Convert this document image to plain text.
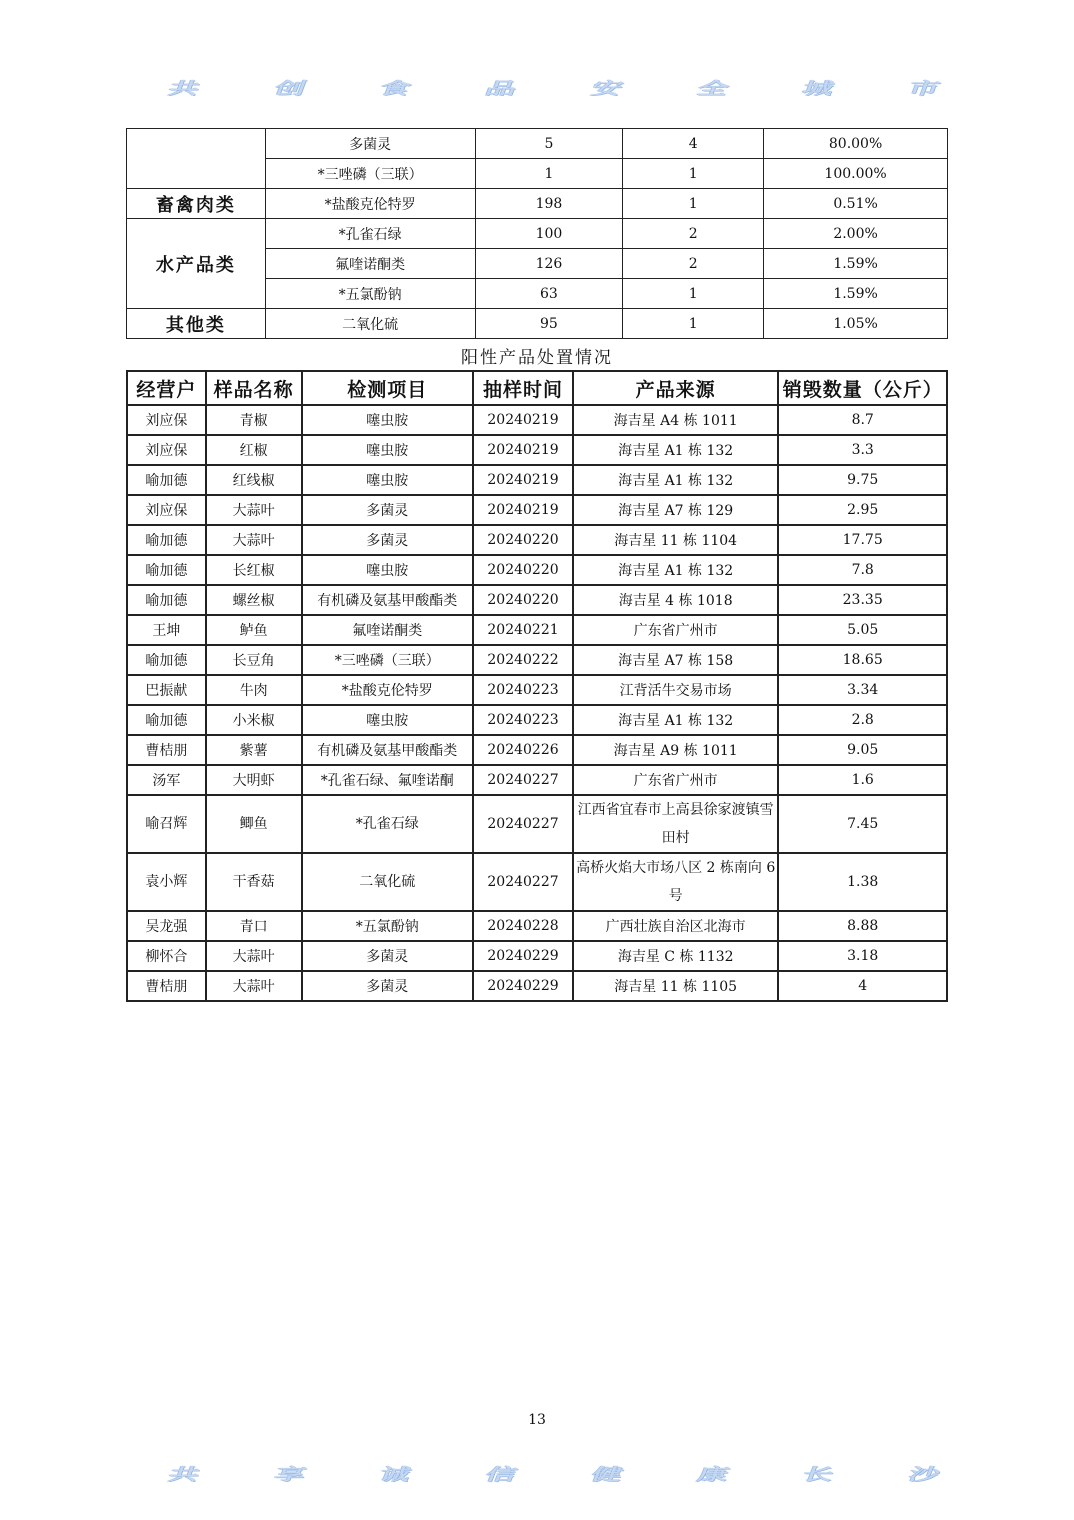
共 创 食 品 安 全 城 市
	多菌灵	5	4	80.00%
	*三唑磷（三联）	1	1	100.00%
畜禽肉类	*盐酸克伦特罗	198	1	0.51%
水产品类	*孔雀石绿	100	2	2.00%
	氟喹诺酮类	126	2	1.59%
	*五氯酚钠	63	1	1.59%
其他类	二氧化硫	95	1	1.05%
阳性产品处置情况
经营户	样品名称	检测项目	抽样时间	产品来源	销毁数量（公斤）
刘应保	青椒	噻虫胺	20240219	海吉星 A4 栋 1011	8.7
刘应保	红椒	噻虫胺	20240219	海吉星 A1 栋 132	3.3
喻加德	红线椒	噻虫胺	20240219	海吉星 A1 栋 132	9.75
刘应保	大蒜叶	多菌灵	20240219	海吉星 A7 栋 129	2.95
喻加德	大蒜叶	多菌灵	20240220	海吉星 11 栋 1104	17.75
喻加德	长红椒	噻虫胺	20240220	海吉星 A1 栋 132	7.8
喻加德	螺丝椒	有机磷及氨基甲酸酯类	20240220	海吉星 4 栋 1018	23.35
王坤	鲈鱼	氟喹诺酮类	20240221	广东省广州市	5.05
喻加德	长豆角	*三唑磷（三联）	20240222	海吉星 A7 栋 158	18.65
巴振献	牛肉	*盐酸克伦特罗	20240223	江背活牛交易市场	3.34
喻加德	小米椒	噻虫胺	20240223	海吉星 A1 栋 132	2.8
曹桔朋	紫薯	有机磷及氨基甲酸酯类	20240226	海吉星 A9 栋 1011	9.05
汤军	大明虾	*孔雀石绿、氟喹诺酮	20240227	广东省广州市	1.6
喻召辉	鲫鱼	*孔雀石绿	20240227	江西省宜春市上高县徐家渡镇雪田村	7.45
袁小辉	干香菇	二氧化硫	20240227	高桥火焰大市场八区 2 栋南向 6 号	1.38
吴龙强	青口	*五氯酚钠	20240228	广西壮族自治区北海市	8.88
柳怀合	大蒜叶	多菌灵	20240229	海吉星 C 栋 1132	3.18
曹桔朋	大蒜叶	多菌灵	20240229	海吉星 11 栋 1105	4
13
共 享 诚 信 健 康 长 沙
